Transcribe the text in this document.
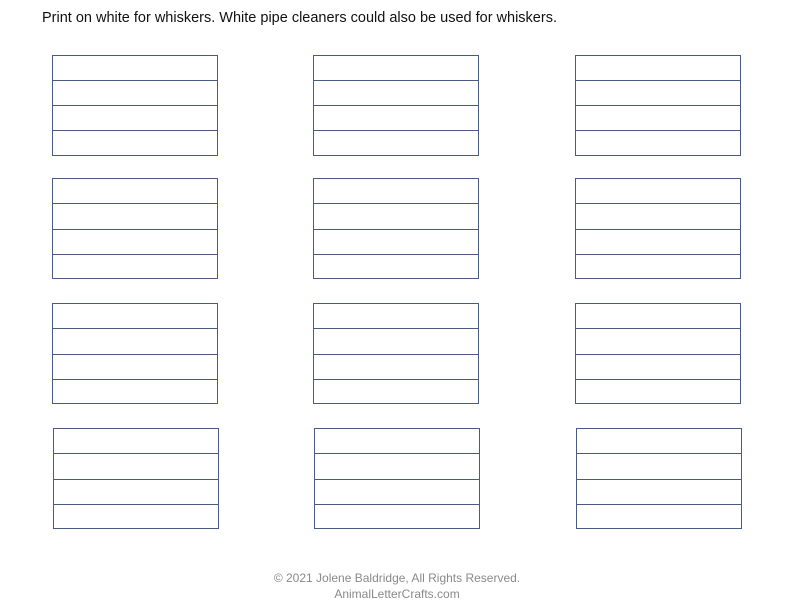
Print on white for whiskers. White pipe cleaners could also be used for whiskers.
© 2021 Jolene Baldridge, All Rights Reserved.
AnimalLetterCrafts.com
